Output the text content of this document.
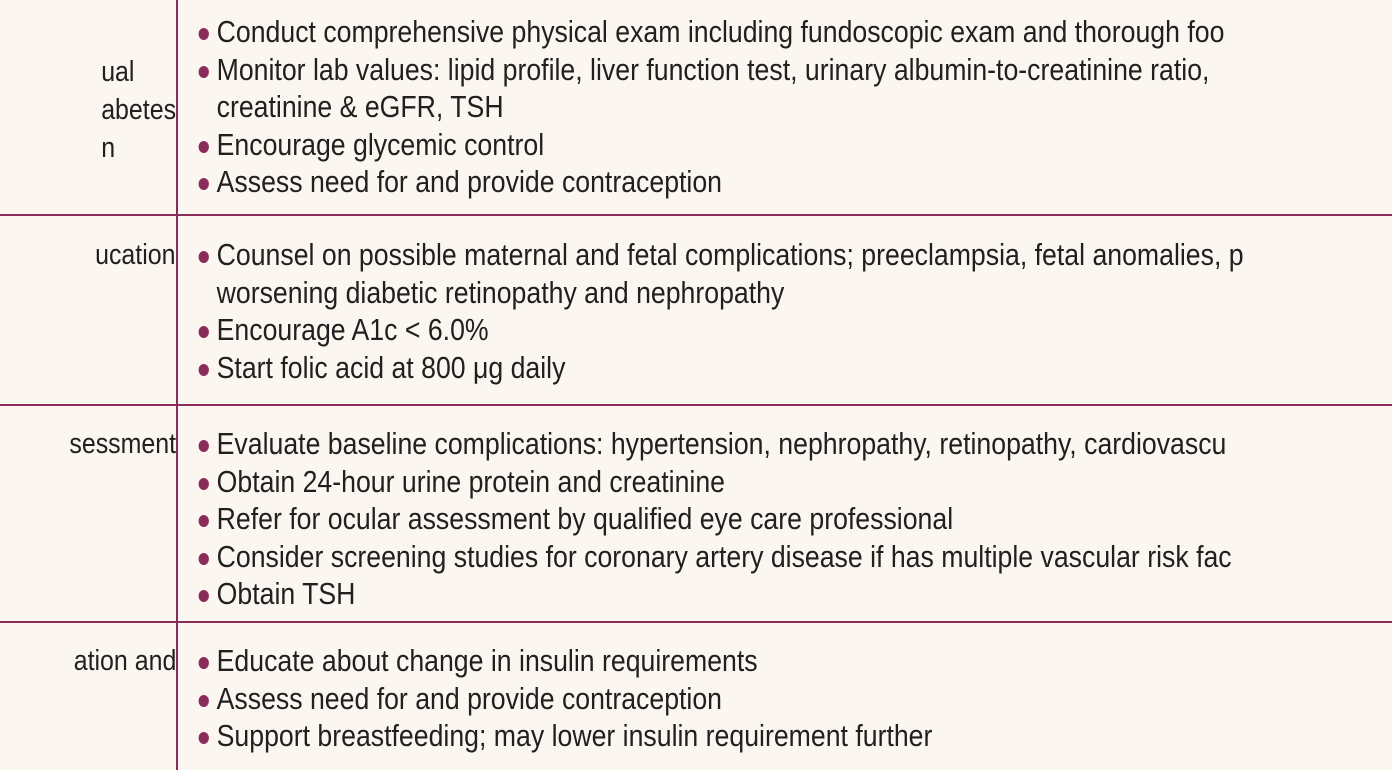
ual
abetes
n
Conduct comprehensive physical exam including fundoscopic exam and thorough foo
Monitor lab values: lipid profile, liver function test, urinary albumin-to-creatinine ratio,
creatinine & eGFR, TSH
Encourage glycemic control
Assess need for and provide contraception
ucation Counsel on possible maternal and fetal complications; preeclampsia, fetal anomalies, p
worsening diabetic retinopathy and nephropathy
Encourage A1c < 6.0%
Start folic acid at 800 μg daily
sessment Evaluate baseline complications: hypertension, nephropathy, retinopathy, cardiovascu
Obtain 24-hour urine protein and creatinine
Refer for ocular assessment by qualified eye care professional
Consider screening studies for coronary artery disease if has multiple vascular risk fac
Obtain TSH
ation and Educate about change in insulin requirements
Assess need for and provide contraception
Support breastfeeding; may lower insulin requirement further
